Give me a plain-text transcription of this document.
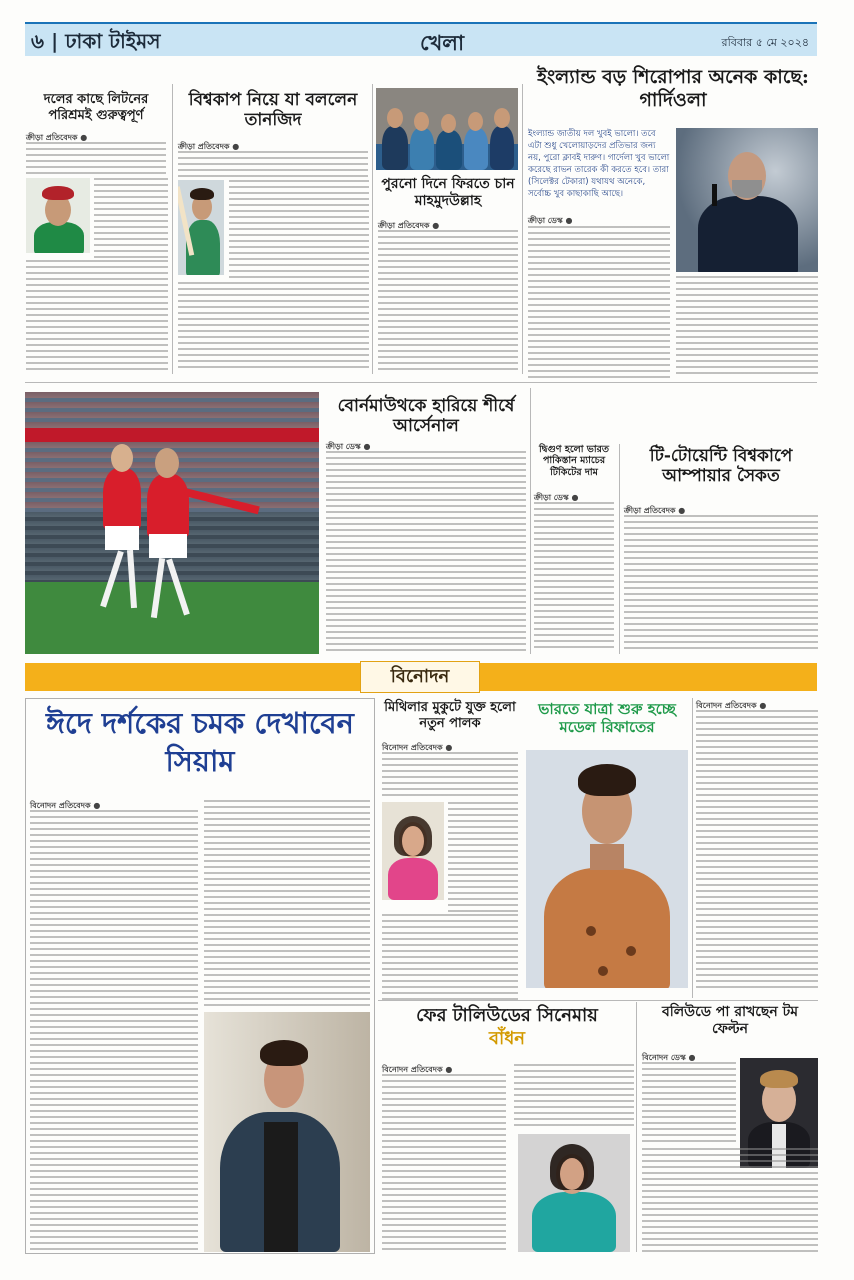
৬ | ঢাকা টাইমস	খেলা	রবিবার ৫ মে ২০২৪
দলের কাছে লিটনের পরিশ্রমই গুরুত্বপূর্ণ
ক্রীড়া প্রতিবেদক ●
বিশ্বকাপ নিয়ে যা বললেন তানজিদ
ক্রীড়া প্রতিবেদক ●
পুরনো দিনে ফিরতে চান মাহমুদউল্লাহ
ক্রীড়া প্রতিবেদক ●
ইংল্যান্ড বড় শিরোপার অনেক কাছে: গার্দিওলা
ইংল্যান্ড জাতীয় দল খুবই ভালো। তবে এটা শুধু খেলোয়াড়দের প্রতিভার জন্য নয়, পুরো ক্লাবই দারুণ। গার্দেলা খুব ভালো করেছে রাভন তারেক কী করতে হবে। তারা (সিলেক্টর টেকারা) যথাযথ অনেকে, সর্বোচ্চ খুব কাছাকাছি আছে।
ক্রীড়া ডেস্ক ●
বোর্নমাউথকে হারিয়ে শীর্ষে আর্সেনাল
ক্রীড়া ডেস্ক ●	দ্বিগুণ হলো ভারত পাকিস্তান ম্যাচের টিকিটের দাম
ক্রীড়া ডেস্ক ●
টি-টোয়েন্টি বিশ্বকাপে আম্পায়ার সৈকত
ক্রীড়া প্রতিবেদক ●
বিনোদন
ঈদে দর্শকের চমক দেখাবেন সিয়াম
বিনোদন প্রতিবেদক ●
মিথিলার মুকুটে যুক্ত হলো নতুন পালক
বিনোদন প্রতিবেদক ●
ভারতে যাত্রা শুরু হচ্ছে মডেল রিফাতের
বিনোদন প্রতিবেদক ●
ফের টালিউডের সিনেমায়
বাঁধন
বিনোদন প্রতিবেদক ●
বলিউডে পা রাখছেন টম ফেল্টন
বিনোদন ডেস্ক ●
